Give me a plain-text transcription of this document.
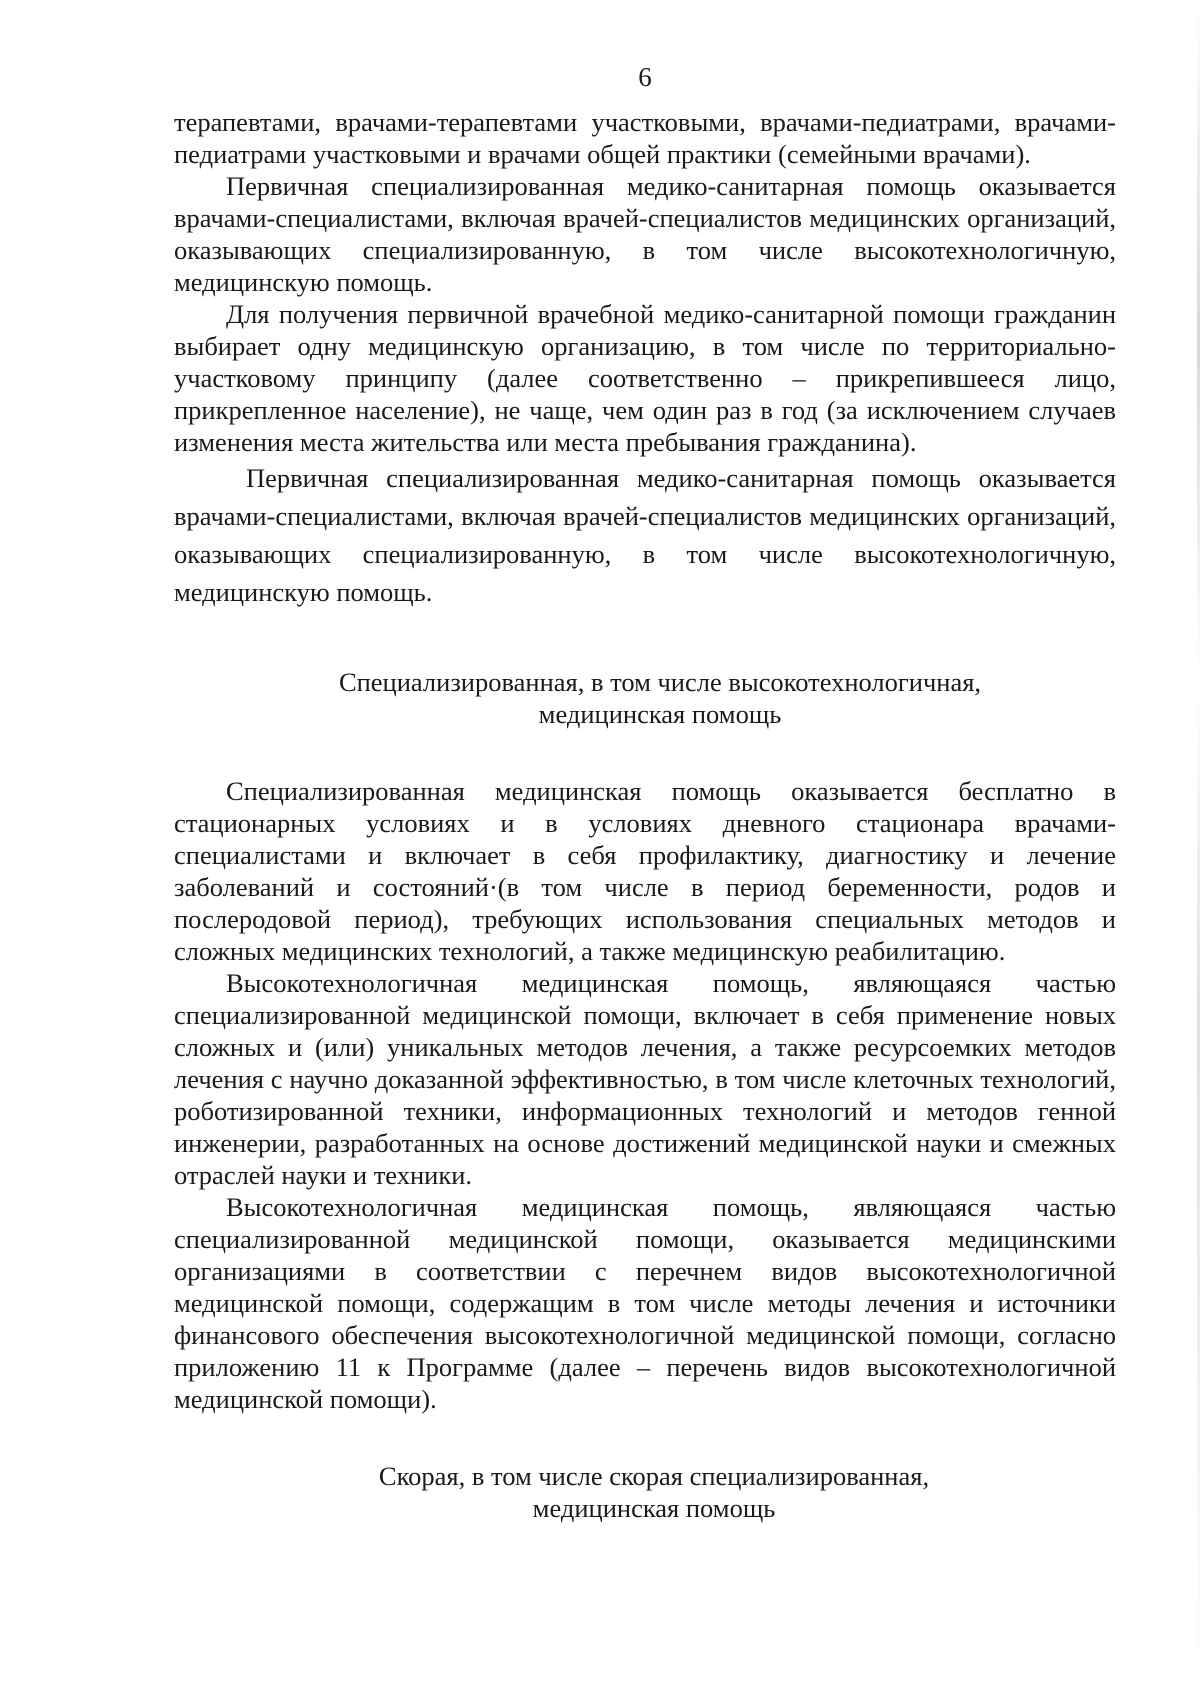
6

терапевтами, врачами-терапевтами участковыми, врачами-педиатрами, врачами-педиатрами участковыми и врачами общей практики (семейными врачами).

Первичная специализированная медико-санитарная помощь оказывается врачами-специалистами, включая врачей-специалистов медицинских организаций, оказывающих специализированную, в том числе высокотехнологичную, медицинскую помощь.

Для получения первичной врачебной медико-санитарной помощи гражданин выбирает одну медицинскую организацию, в том числе по территориально-участковому принципу (далее соответственно – прикрепившееся лицо, прикрепленное население), не чаще, чем один раз в год (за исключением случаев изменения места жительства или места пребывания гражданина).

Первичная специализированная медико-санитарная помощь оказывается врачами-специалистами, включая врачей-специалистов медицинских организаций, оказывающих специализированную, в том числе высокотехнологичную, медицинскую помощь.

Специализированная, в том числе высокотехнологичная,
медицинская помощь

Специализированная медицинская помощь оказывается бесплатно в стационарных условиях и в условиях дневного стационара врачами-специалистами и включает в себя профилактику, диагностику и лечение заболеваний и состояний·(в том числе в период беременности, родов и послеродовой период), требующих использования специальных методов и сложных медицинских технологий, а также медицинскую реабилитацию.

Высокотехнологичная медицинская помощь, являющаяся частью специализированной медицинской помощи, включает в себя применение новых сложных и (или) уникальных методов лечения, а также ресурсоемких методов лечения с научно доказанной эффективностью, в том числе клеточных технологий, роботизированной техники, информационных технологий и методов генной инженерии, разработанных на основе достижений медицинской науки и смежных отраслей науки и техники.

Высокотехнологичная медицинская помощь, являющаяся частью специализированной медицинской помощи, оказывается медицинскими организациями в соответствии с перечнем видов высокотехнологичной медицинской помощи, содержащим в том числе методы лечения и источники финансового обеспечения высокотехнологичной медицинской помощи, согласно приложению 11 к Программе (далее – перечень видов высокотехнологичной медицинской помощи).

Скорая, в том числе скорая специализированная,
медицинская помощь
